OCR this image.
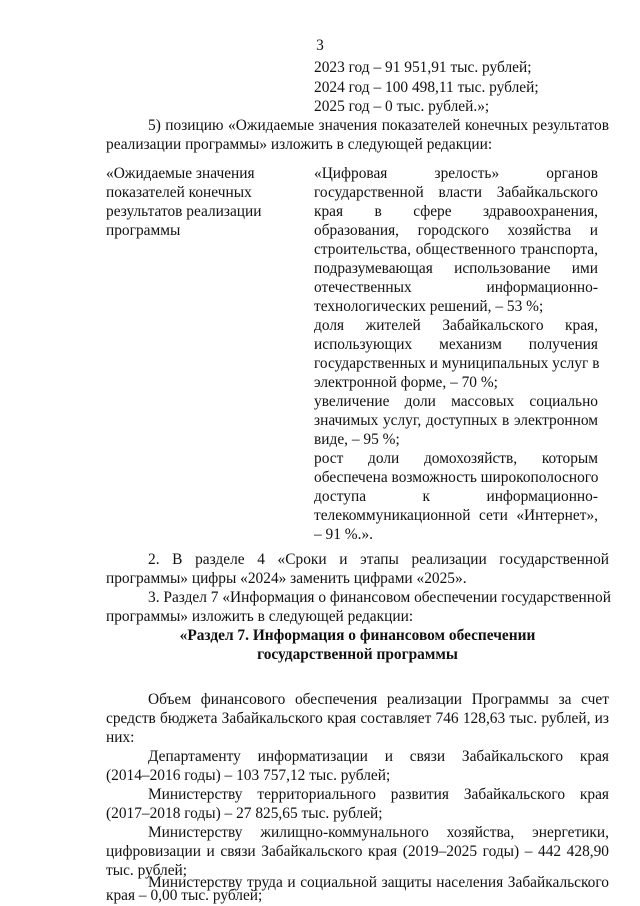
3
2023 год – 91 951,91 тыс. рублей;
2024 год – 100 498,11 тыс. рублей;
2025 год – 0 тыс. рублей.»;
5) позицию «Ожидаемые значения показателей конечных результатов
реализации программы» изложить в следующей редакции:
«Ожидаемые значения
показателей конечных
результатов реализации
программы
«Цифровая зрелость» органов
государственной власти Забайкальского
края в сфере здравоохранения,
образования, городского хозяйства и
строительства, общественного транспорта,
подразумевающая использование ими
отечественных информационно-
технологических решений, – 53 %;
доля жителей Забайкальского края,
использующих механизм получения
государственных и муниципальных услуг в
электронной форме, – 70 %;
увеличение доли массовых социально
значимых услуг, доступных в электронном
виде, – 95 %;
рост доли домохозяйств, которым
обеспечена возможность широкополосного
доступа к информационно-
телекоммуникационной сети «Интернет»,
– 91 %.».
2. В разделе 4 «Сроки и этапы реализации государственной
программы» цифры «2024» заменить цифрами «2025».
3. Раздел 7 «Информация о финансовом обеспечении государственной
программы» изложить в следующей редакции:
«Раздел 7. Информация о финансовом обеспечении
государственной программы
Объем финансового обеспечения реализации Программы за счет
средств бюджета Забайкальского края составляет 746 128,63 тыс. рублей, из
них:
Департаменту информатизации и связи Забайкальского края
(2014–2016 годы) – 103 757,12 тыс. рублей;
Министерству территориального развития Забайкальского края
(2017–2018 годы) – 27 825,65 тыс. рублей;
Министерству жилищно-коммунального хозяйства, энергетики,
цифровизации и связи Забайкальского края (2019–2025 годы) – 442 428,90
тыс. рублей;
Министерству труда и социальной защиты населения Забайкальского
края – 0,00 тыс. рублей;
